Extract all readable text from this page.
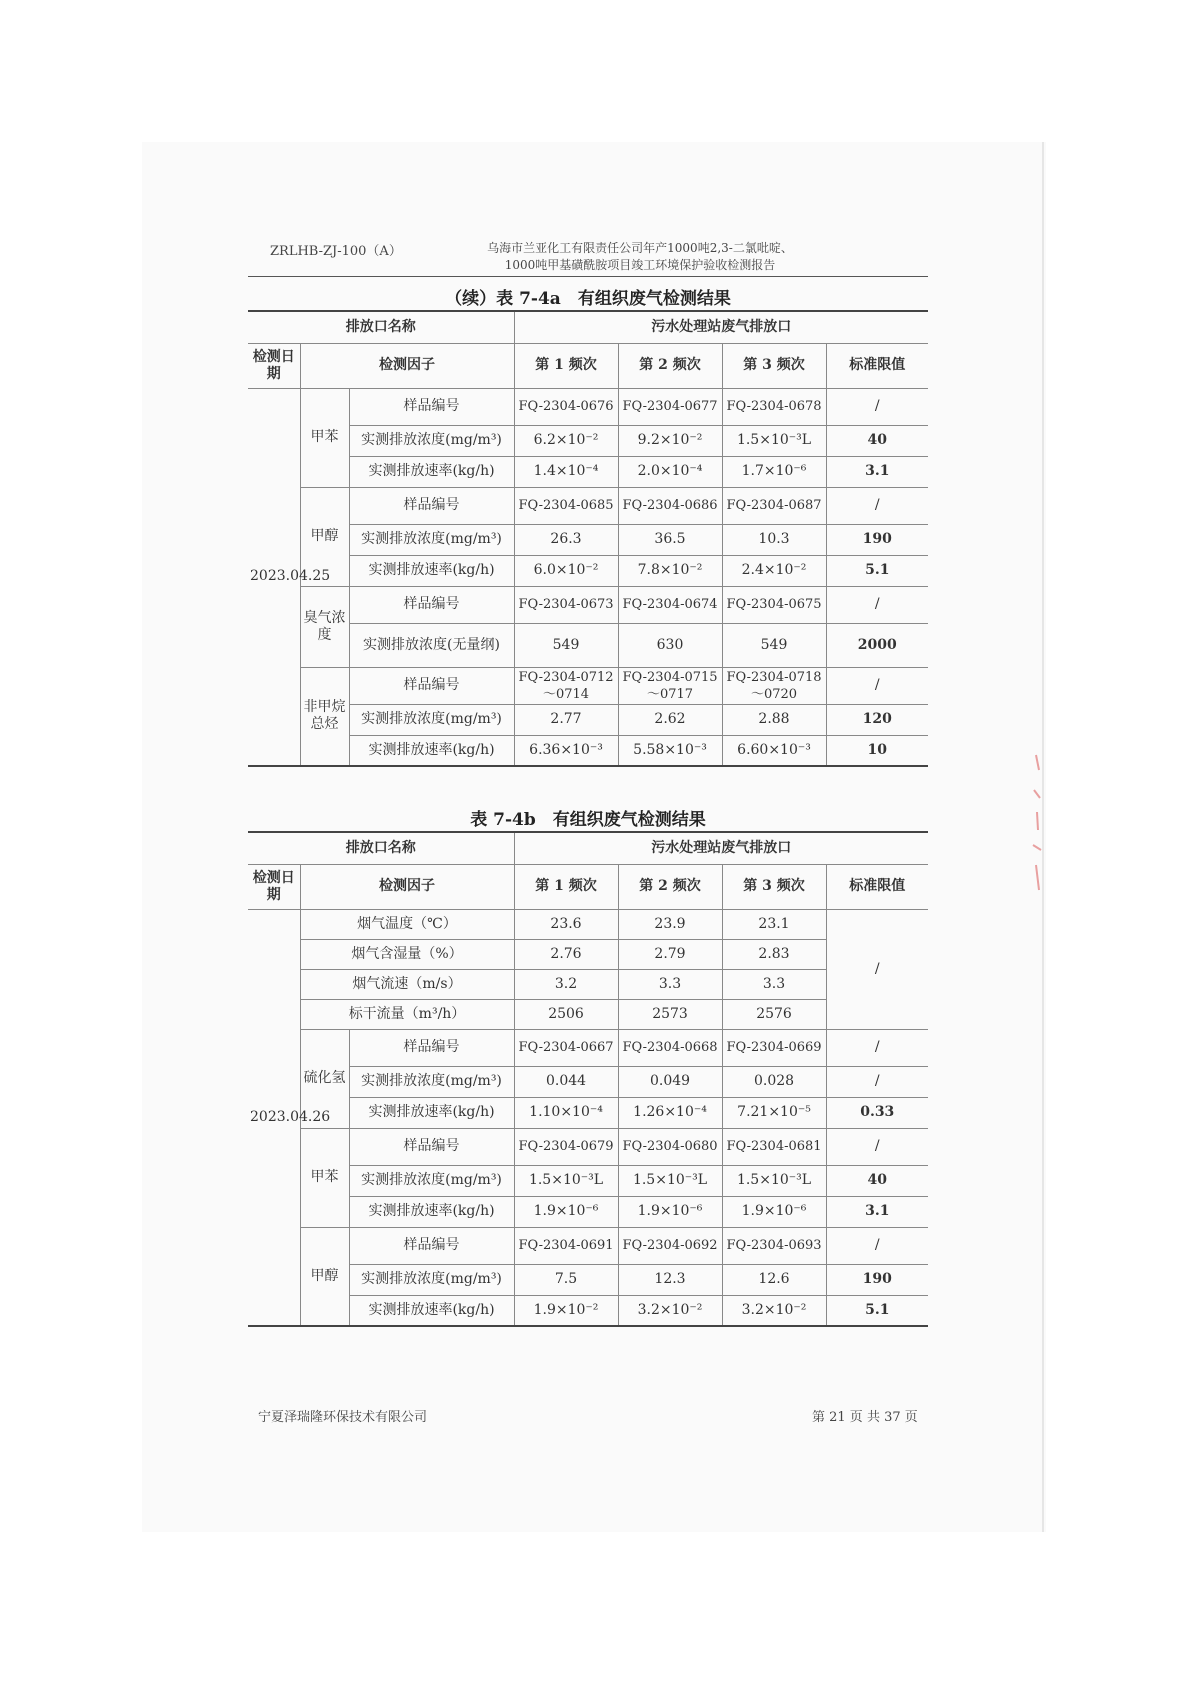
ZRLHB-ZJ-100（A）	乌海市兰亚化工有限责任公司年产1000吨2,3-二氯吡啶、
1000吨甲基磺酰胺项目竣工环境保护验收检测报告
（续）表 7-4a　有组织废气检测结果
排放口名称			污水处理站废气排放口			
检测日期	检测因子		第 1 频次	第 2 频次	第 3 频次	标准限值
2023.04.25	甲苯	样品编号	FQ-2304-0676	FQ-2304-0677	FQ-2304-0678	/
		实测排放浓度(mg/m³)	6.2×10⁻²	9.2×10⁻²	1.5×10⁻³L	40
		实测排放速率(kg/h)	1.4×10⁻⁴	2.0×10⁻⁴	1.7×10⁻⁶	3.1
	甲醇	样品编号	FQ-2304-0685	FQ-2304-0686	FQ-2304-0687	/
		实测排放浓度(mg/m³)	26.3	36.5	10.3	190
		实测排放速率(kg/h)	6.0×10⁻²	7.8×10⁻²	2.4×10⁻²	5.1
	臭气浓度	样品编号	FQ-2304-0673	FQ-2304-0674	FQ-2304-0675	/
		实测排放浓度(无量纲)	549	630	549	2000
	非甲烷总烃	样品编号	FQ-2304-0712～0714	FQ-2304-0715～0717	FQ-2304-0718～0720	/
		实测排放浓度(mg/m³)	2.77	2.62	2.88	120
		实测排放速率(kg/h)	6.36×10⁻³	5.58×10⁻³	6.60×10⁻³	10
表 7-4b　有组织废气检测结果
排放口名称			污水处理站废气排放口			
检测日期	检测因子		第 1 频次	第 2 频次	第 3 频次	标准限值
2023.04.26	烟气温度（℃）		23.6	23.9	23.1	/
	烟气含湿量（%）		2.76	2.79	2.83	
	烟气流速（m/s）		3.2	3.3	3.3	
	标干流量（m³/h）		2506	2573	2576	
	硫化氢	样品编号	FQ-2304-0667	FQ-2304-0668	FQ-2304-0669	/
		实测排放浓度(mg/m³)	0.044	0.049	0.028	/
		实测排放速率(kg/h)	1.10×10⁻⁴	1.26×10⁻⁴	7.21×10⁻⁵	0.33
	甲苯	样品编号	FQ-2304-0679	FQ-2304-0680	FQ-2304-0681	/
		实测排放浓度(mg/m³)	1.5×10⁻³L	1.5×10⁻³L	1.5×10⁻³L	40
		实测排放速率(kg/h)	1.9×10⁻⁶	1.9×10⁻⁶	1.9×10⁻⁶	3.1
	甲醇	样品编号	FQ-2304-0691	FQ-2304-0692	FQ-2304-0693	/
		实测排放浓度(mg/m³)	7.5	12.3	12.6	190
		实测排放速率(kg/h)	1.9×10⁻²	3.2×10⁻²	3.2×10⁻²	5.1
宁夏泽瑞隆环保技术有限公司	第 21 页 共 37 页
